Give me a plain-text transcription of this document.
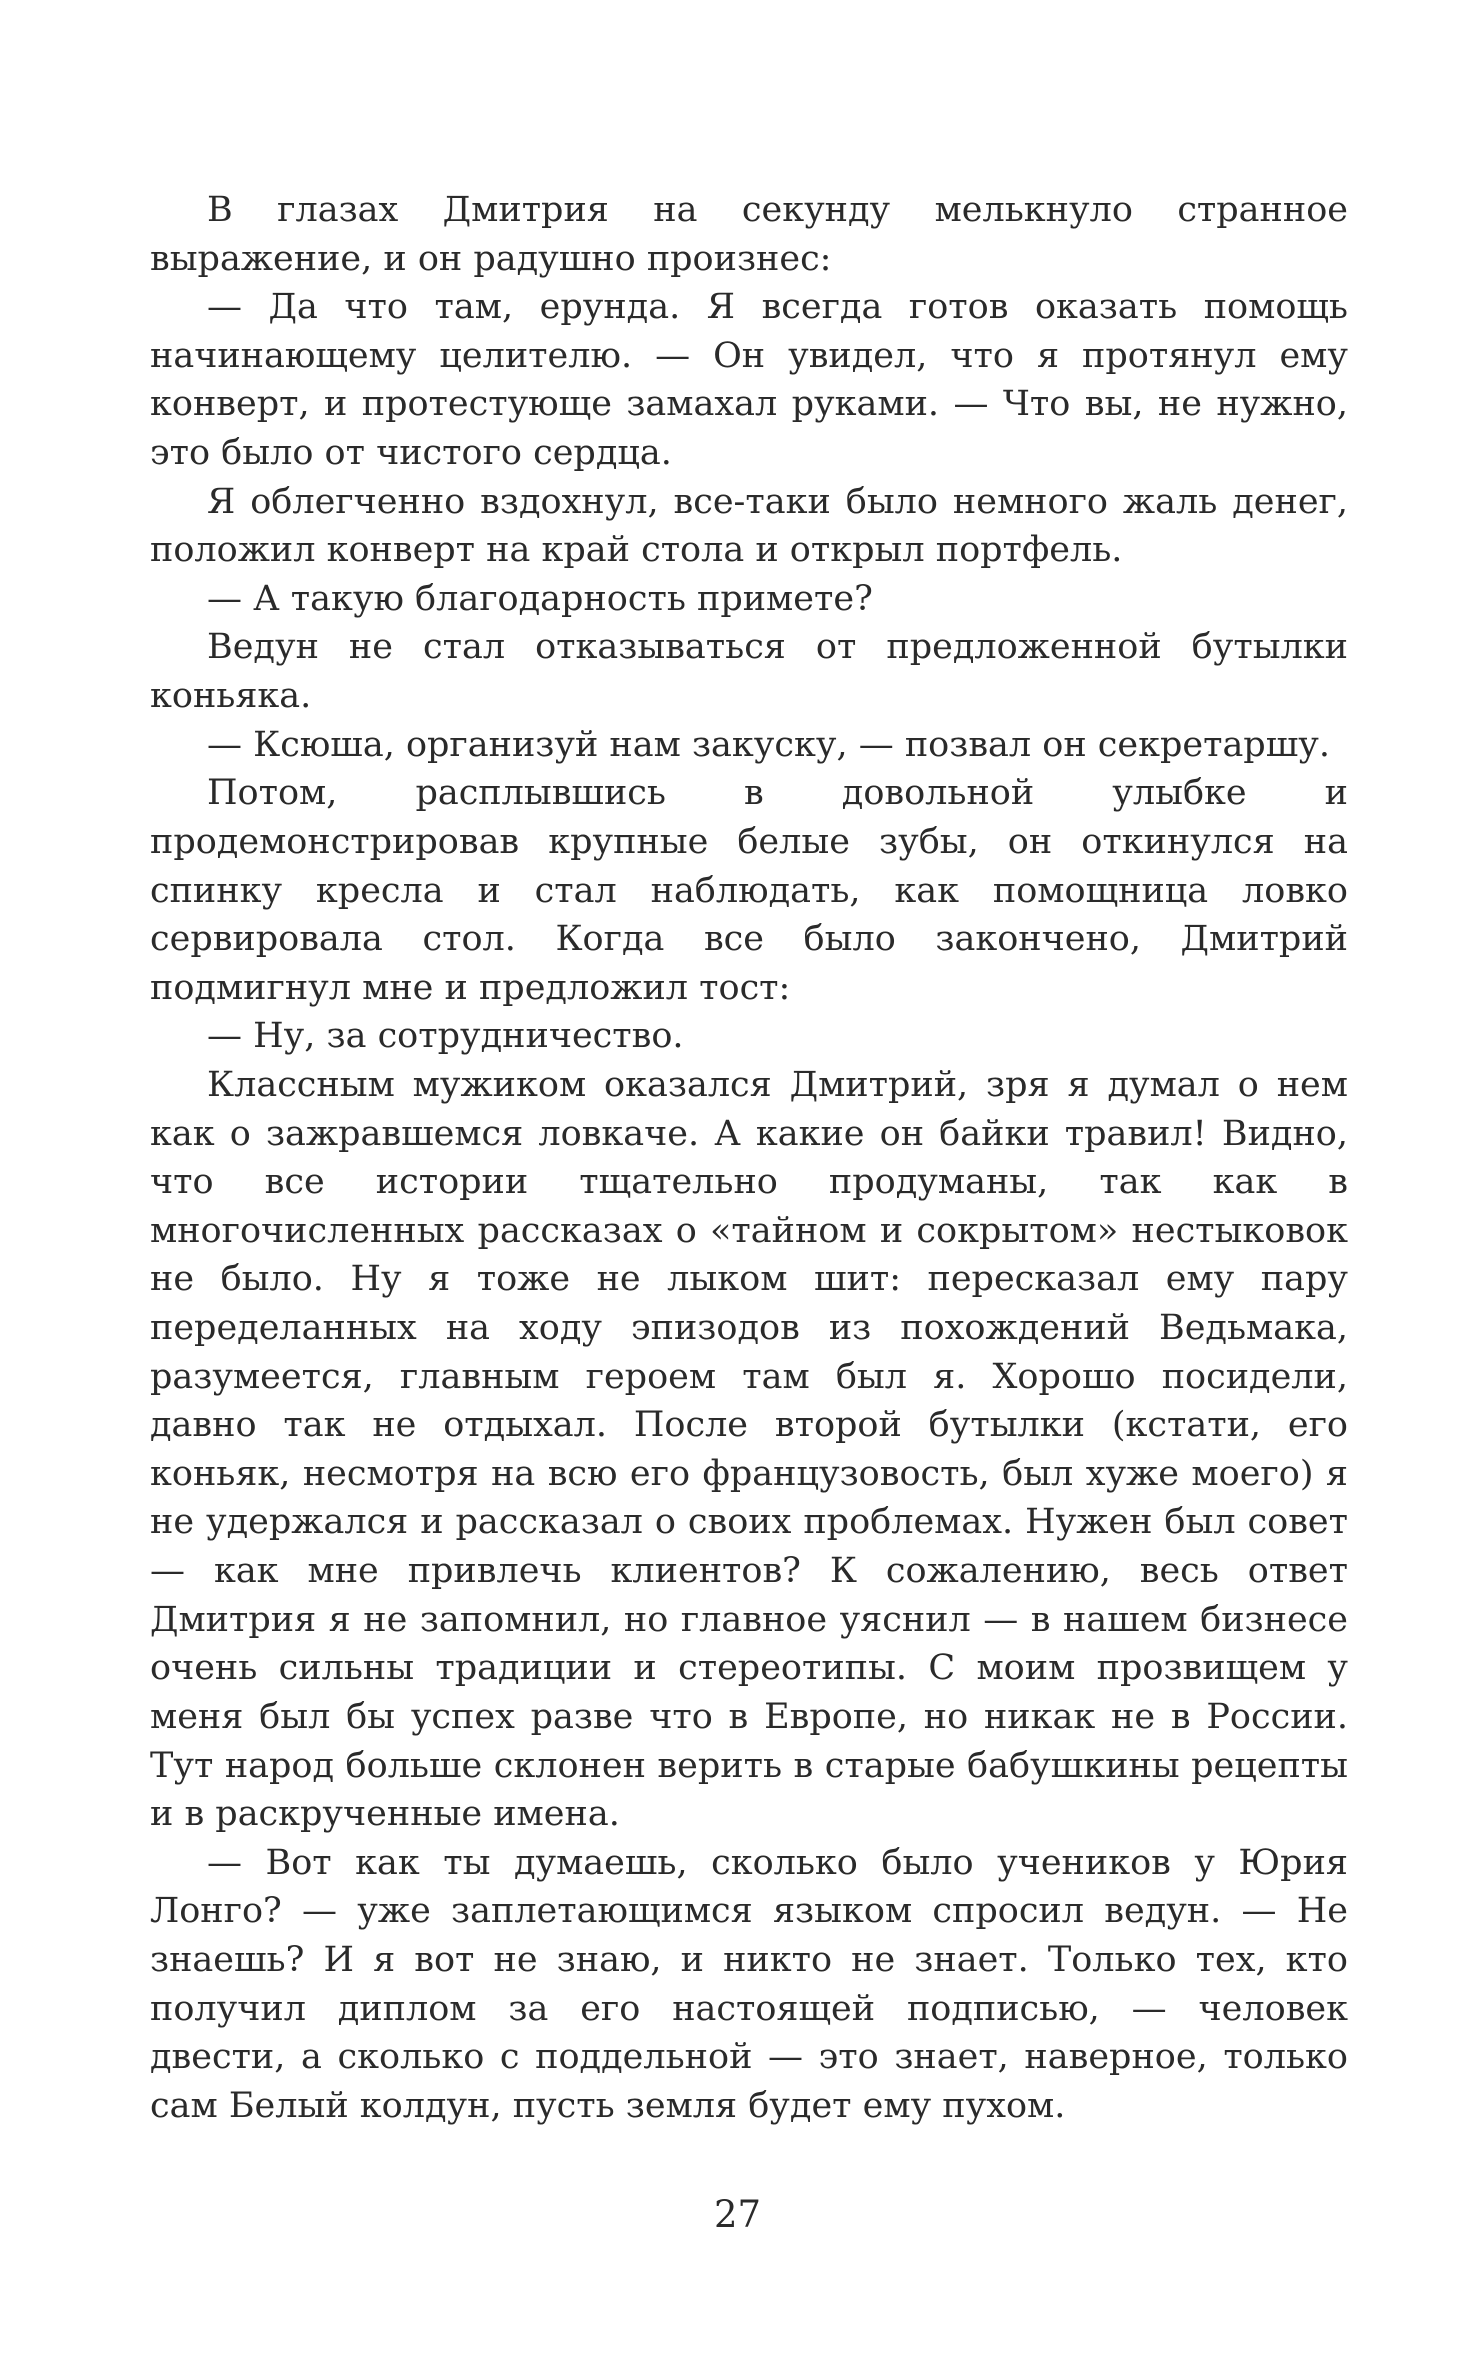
В глазах Дмитрия на секунду мелькнуло странное выражение, и он радушно произнес:

— Да что там, ерунда. Я всегда готов оказать помощь начинающему целителю. — Он увидел, что я протянул ему конверт, и протестующе замахал руками. — Что вы, не нужно, это было от чистого сердца.

Я облегченно вздохнул, все-таки было немного жаль денег, положил конверт на край стола и открыл портфель.

— А такую благодарность примете?

Ведун не стал отказываться от предложенной бутылки коньяка.

— Ксюша, организуй нам закуску, — позвал он секретаршу.

Потом, расплывшись в довольной улыбке и продемонстрировав крупные белые зубы, он откинулся на спинку кресла и стал наблюдать, как помощница ловко сервировала стол. Когда все было закончено, Дмитрий подмигнул мне и предложил тост:

— Ну, за сотрудничество.

Классным мужиком оказался Дмитрий, зря я думал о нем как о зажравшемся ловкаче. А какие он байки травил! Видно, что все истории тщательно продуманы, так как в многочисленных рассказах о «тайном и сокрытом» нестыковок не было. Ну я тоже не лыком шит: пересказал ему пару переделанных на ходу эпизодов из похождений Ведьмака, разумеется, главным героем там был я. Хорошо посидели, давно так не отдыхал. После второй бутылки (кстати, его коньяк, несмотря на всю его французовость, был хуже моего) я не удержался и рассказал о своих проблемах. Нужен был совет — как мне привлечь клиентов? К сожалению, весь ответ Дмитрия я не запомнил, но главное уяснил — в нашем бизнесе очень сильны традиции и стереотипы. С моим прозвищем у меня был бы успех разве что в Европе, но никак не в России. Тут народ больше склонен верить в старые бабушкины рецепты и в раскрученные имена.

— Вот как ты думаешь, сколько было учеников у Юрия Лонго? — уже заплетающимся языком спросил ведун. — Не знаешь? И я вот не знаю, и никто не знает. Только тех, кто получил диплом за его настоящей подписью, — человек двести, а сколько с поддельной — это знает, наверное, только сам Белый колдун, пусть земля будет ему пухом.

27
